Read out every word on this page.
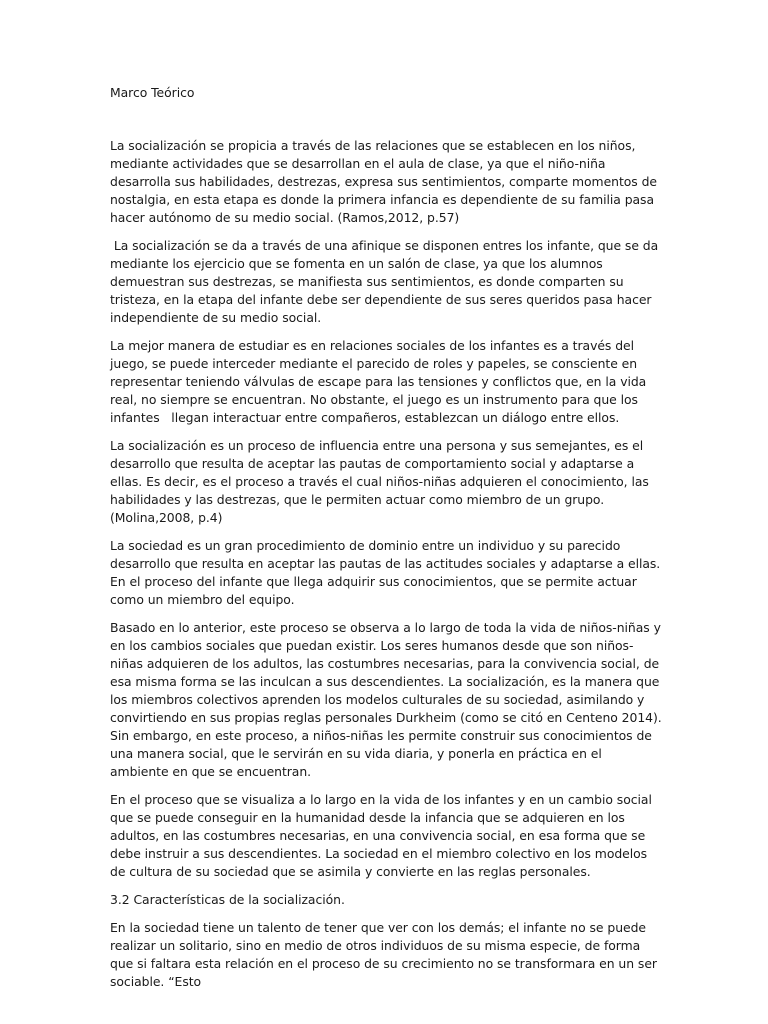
Marco Teórico

La socialización se propicia a través de las relaciones que se establecen en los niños, mediante actividades que se desarrollan en el aula de clase, ya que el niño-niña desarrolla sus habilidades, destrezas, expresa sus sentimientos, comparte momentos de nostalgia, en esta etapa es donde la primera infancia es dependiente de su familia pasa hacer autónomo de su medio social. (Ramos,2012, p.57)

La socialización se da a través de una afinique se disponen entres los infante, que se da mediante los ejercicio que se fomenta en un salón de clase, ya que los alumnos demuestran sus destrezas, se manifiesta sus sentimientos, es donde comparten su tristeza, en la etapa del infante debe ser dependiente de sus seres queridos pasa hacer independiente de su medio social.

La mejor manera de estudiar es en relaciones sociales de los infantes es a través del juego, se puede interceder mediante el parecido de roles y papeles, se consciente en representar teniendo válvulas de escape para las tensiones y conflictos que, en la vida real, no siempre se encuentran. No obstante, el juego es un instrumento para que los infantes   llegan interactuar entre compañeros, establezcan un diálogo entre ellos.

La socialización es un proceso de influencia entre una persona y sus semejantes, es el desarrollo que resulta de aceptar las pautas de comportamiento social y adaptarse a ellas. Es decir, es el proceso a través el cual niños-niñas adquieren el conocimiento, las habilidades y las destrezas, que le permiten actuar como miembro de un grupo. (Molina,2008, p.4)

La sociedad es un gran procedimiento de dominio entre un individuo y su parecido desarrollo que resulta en aceptar las pautas de las actitudes sociales y adaptarse a ellas. En el proceso del infante que llega adquirir sus conocimientos, que se permite actuar como un miembro del equipo.

Basado en lo anterior, este proceso se observa a lo largo de toda la vida de niños-niñas y en los cambios sociales que puedan existir. Los seres humanos desde que son niños-niñas adquieren de los adultos, las costumbres necesarias, para la convivencia social, de esa misma forma se las inculcan a sus descendientes. La socialización, es la manera que los miembros colectivos aprenden los modelos culturales de su sociedad, asimilando y convirtiendo en sus propias reglas personales Durkheim (como se citó en Centeno 2014). Sin embargo, en este proceso, a niños-niñas les permite construir sus conocimientos de una manera social, que le servirán en su vida diaria, y ponerla en práctica en el ambiente en que se encuentran.

En el proceso que se visualiza a lo largo en la vida de los infantes y en un cambio social que se puede conseguir en la humanidad desde la infancia que se adquieren en los adultos, en las costumbres necesarias, en una convivencia social, en esa forma que se debe instruir a sus descendientes. La sociedad en el miembro colectivo en los modelos de cultura de su sociedad que se asimila y convierte en las reglas personales.

3.2 Características de la socialización.

En la sociedad tiene un talento de tener que ver con los demás; el infante no se puede realizar un solitario, sino en medio de otros individuos de su misma especie, de forma que si faltara esta relación en el proceso de su crecimiento no se transformara en un ser sociable. “Esto
